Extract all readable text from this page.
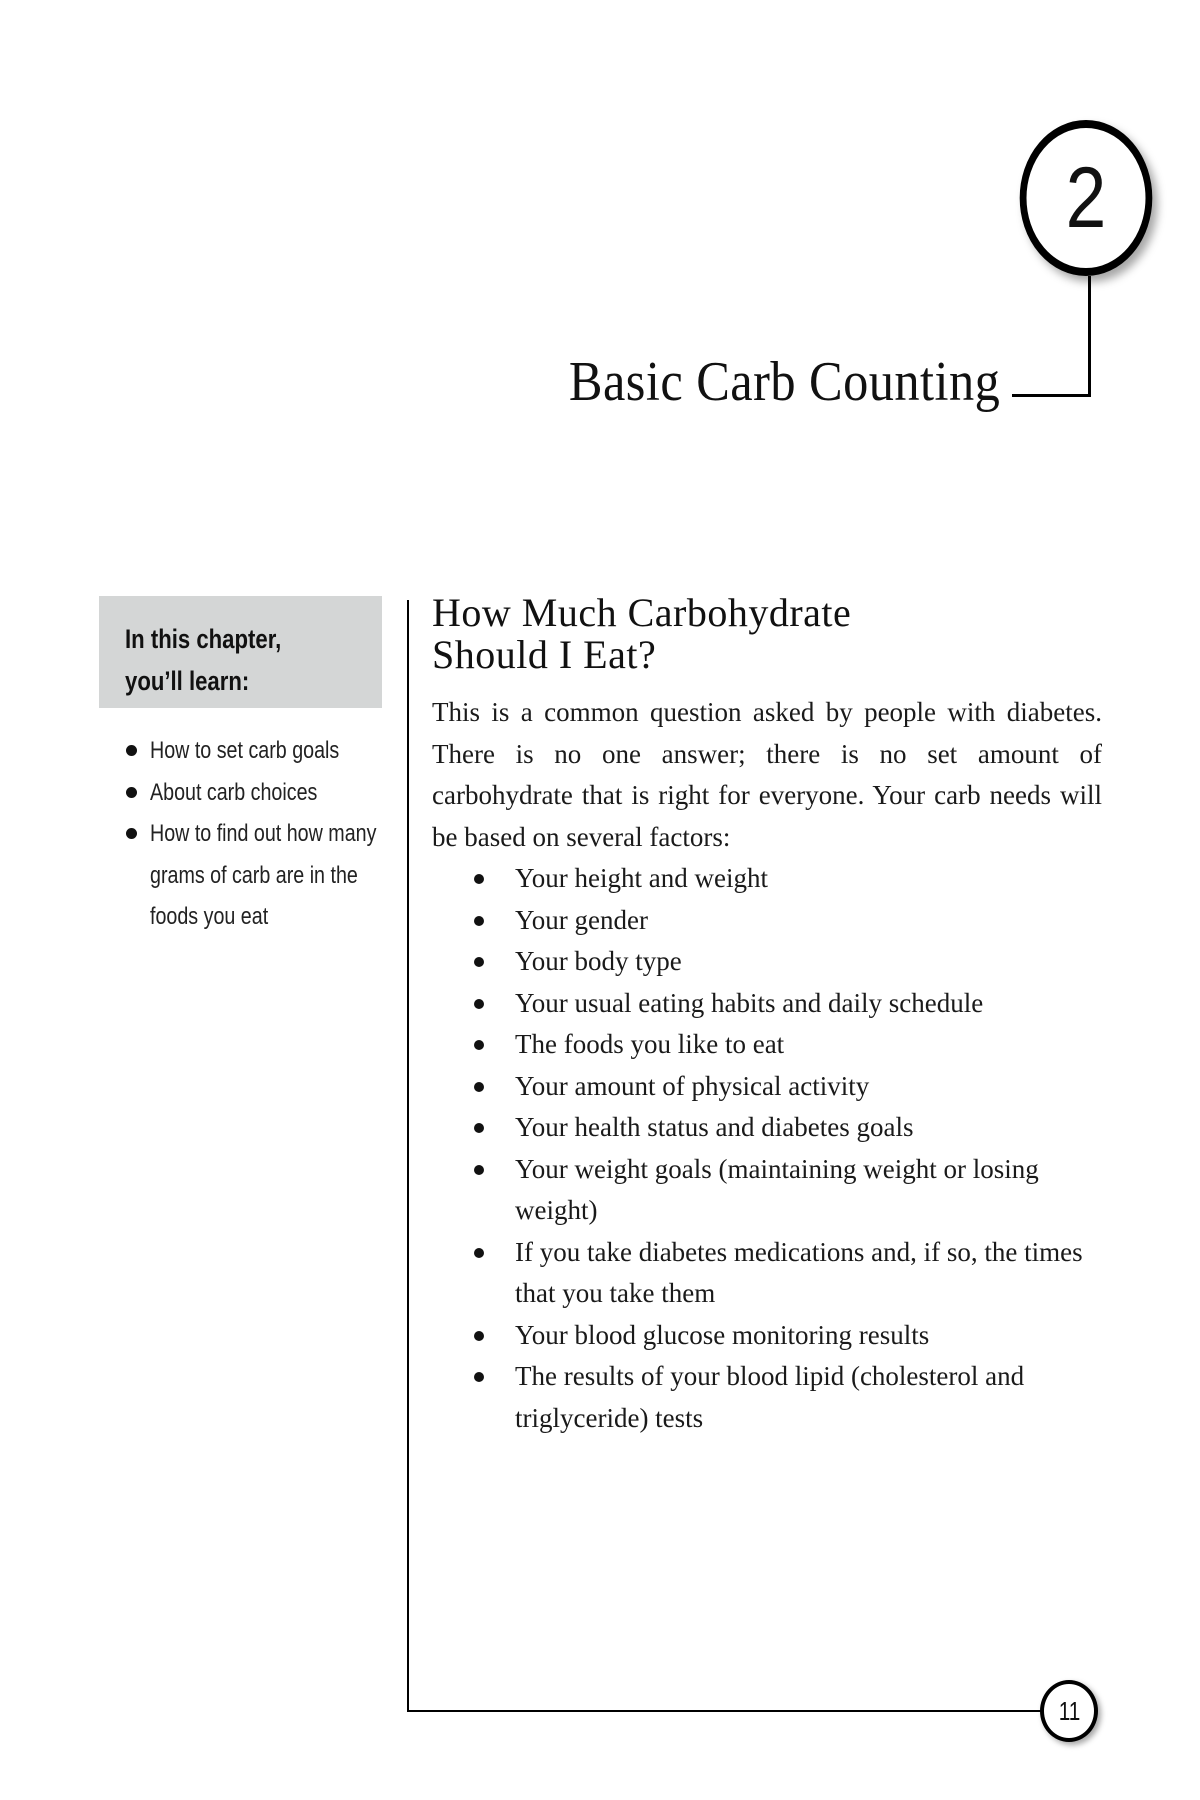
2
Basic Carb Counting
In this chapter,
you’ll learn:
How to set carb goals
About carb choices
How to find out how many grams of carb are in the foods you eat
11
How Much Carbohydrate
Should I Eat?

This is a common question asked by people with diabetes. There is no one answer; there is no set amount of carbohydrate that is right for everyone. Your carb needs will be based on several factors:

Your height and weight
Your gender
Your body type
Your usual eating habits and daily schedule
The foods you like to eat
Your amount of physical activity
Your health status and diabetes goals
Your weight goals (maintaining weight or losing weight)
If you take diabetes medications and, if so, the times that you take them
Your blood glucose monitoring results
The results of your blood lipid (cholesterol and triglyceride) tests
